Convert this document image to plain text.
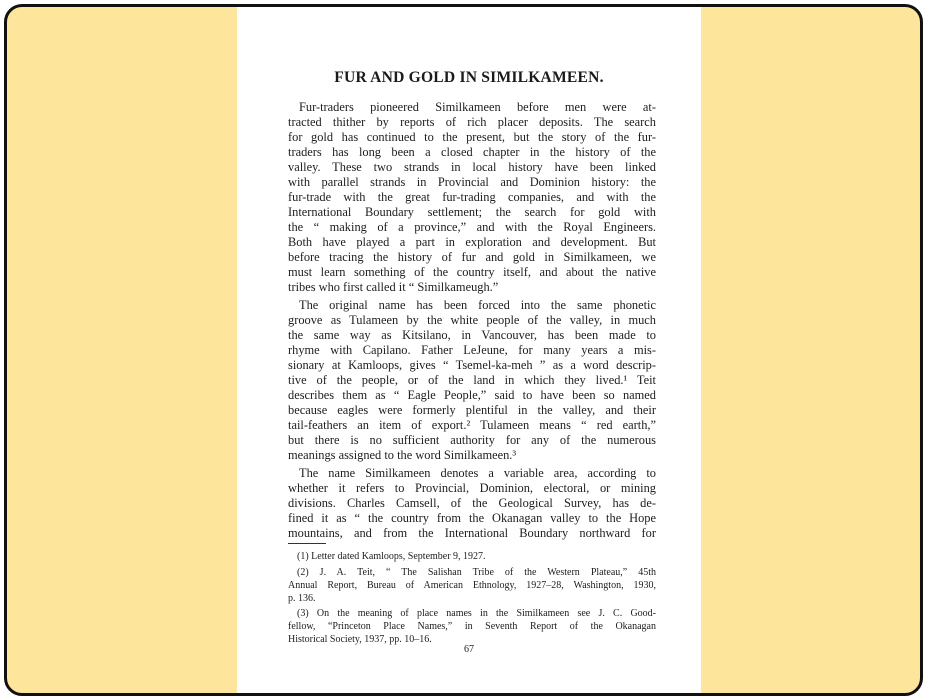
FUR AND GOLD IN SIMILKAMEEN.
Fur-traders pioneered Similkameen before men were at-
tracted thither by reports of rich placer deposits. The search
for gold has continued to the present, but the story of the fur-
traders has long been a closed chapter in the history of the
valley. These two strands in local history have been linked
with parallel strands in Provincial and Dominion history: the
fur-trade with the great fur-trading companies, and with the
International Boundary settlement; the search for gold with
the “ making of a province,” and with the Royal Engineers.
Both have played a part in exploration and development. But
before tracing the history of fur and gold in Similkameen, we
must learn something of the country itself, and about the native
tribes who first called it “ Similkameugh.”
The original name has been forced into the same phonetic
groove as Tulameen by the white people of the valley, in much
the same way as Kitsilano, in Vancouver, has been made to
rhyme with Capilano. Father LeJeune, for many years a mis-
sionary at Kamloops, gives “ Tsemel-ka-meh ” as a word descrip-
tive of the people, or of the land in which they lived.¹ Teit
describes them as “ Eagle People,” said to have been so named
because eagles were formerly plentiful in the valley, and their
tail-feathers an item of export.² Tulameen means “ red earth,”
but there is no sufficient authority for any of the numerous
meanings assigned to the word Similkameen.³
The name Similkameen denotes a variable area, according to
whether it refers to Provincial, Dominion, electoral, or mining
divisions. Charles Camsell, of the Geological Survey, has de-
fined it as “ the country from the Okanagan valley to the Hope
mountains, and from the International Boundary northward for
(1) Letter dated Kamloops, September 9, 1927.
(2) J. A. Teit, “ The Salishan Tribe of the Western Plateau,” 45th
Annual Report, Bureau of American Ethnology, 1927–28, Washington, 1930,
p. 136.
(3) On the meaning of place names in the Similkameen see J. C. Good-
fellow, “Princeton Place Names,” in Seventh Report of the Okanagan
Historical Society, 1937, pp. 10–16.
67
